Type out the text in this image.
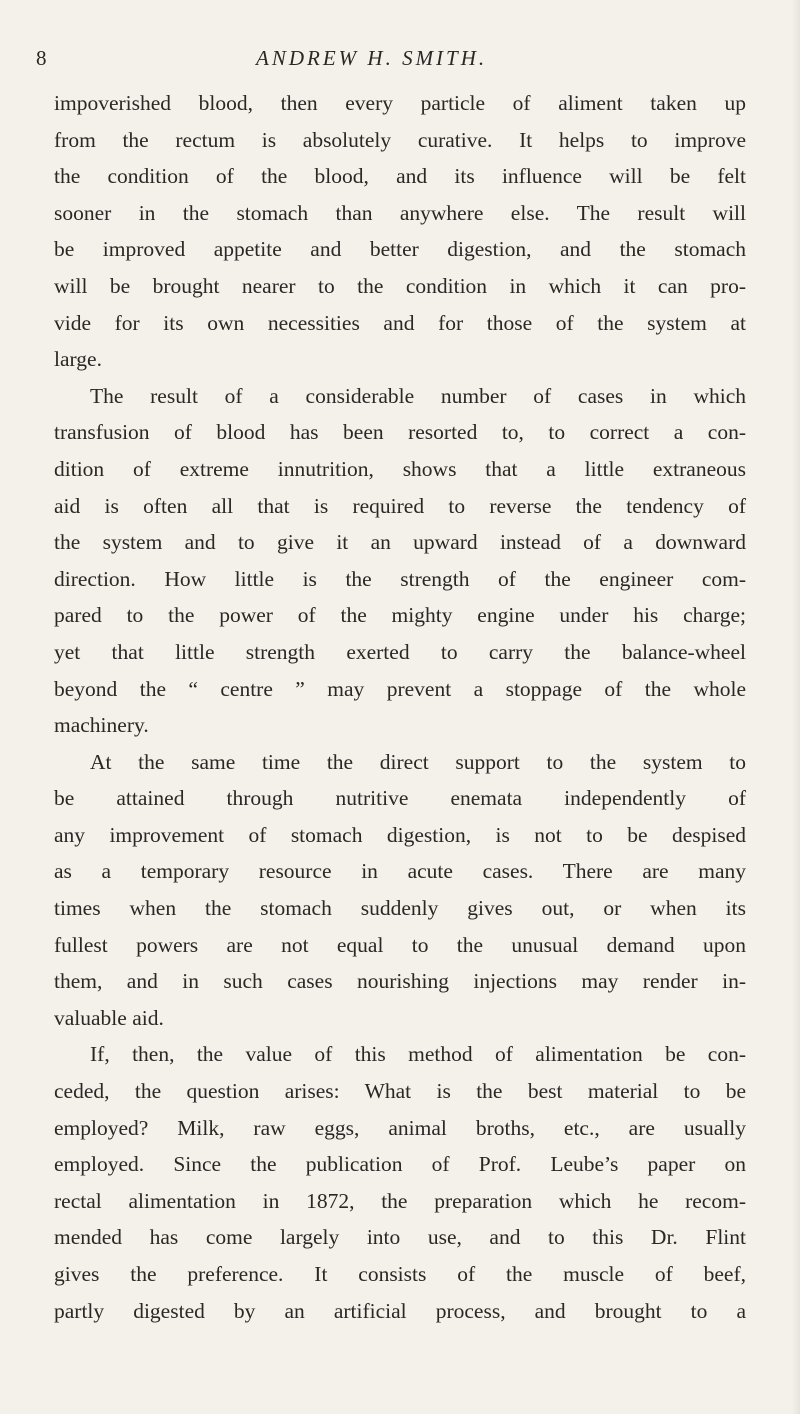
8	ANDREW H. SMITH.
impoverished blood, then every particle of aliment taken up
from the rectum is absolutely curative. It helps to improve
the condition of the blood, and its influence will be felt
sooner in the stomach than anywhere else. The result will
be improved appetite and better digestion, and the stomach
will be brought nearer to the condition in which it can pro-
vide for its own necessities and for those of the system at
large.
The result of a considerable number of cases in which
transfusion of blood has been resorted to, to correct a con-
dition of extreme innutrition, shows that a little extraneous
aid is often all that is required to reverse the tendency of
the system and to give it an upward instead of a downward
direction. How little is the strength of the engineer com-
pared to the power of the mighty engine under his charge;
yet that little strength exerted to carry the balance-wheel
beyond the “ centre ” may prevent a stoppage of the whole
machinery.
At the same time the direct support to the system to
be attained through nutritive enemata independently of
any improvement of stomach digestion, is not to be despised
as a temporary resource in acute cases. There are many
times when the stomach suddenly gives out, or when its
fullest powers are not equal to the unusual demand upon
them, and in such cases nourishing injections may render in-
valuable aid.
If, then, the value of this method of alimentation be con-
ceded, the question arises: What is the best material to be
employed? Milk, raw eggs, animal broths, etc., are usually
employed. Since the publication of Prof. Leube’s paper on
rectal alimentation in 1872, the preparation which he recom-
mended has come largely into use, and to this Dr. Flint
gives the preference. It consists of the muscle of beef,
partly digested by an artificial process, and brought to a
